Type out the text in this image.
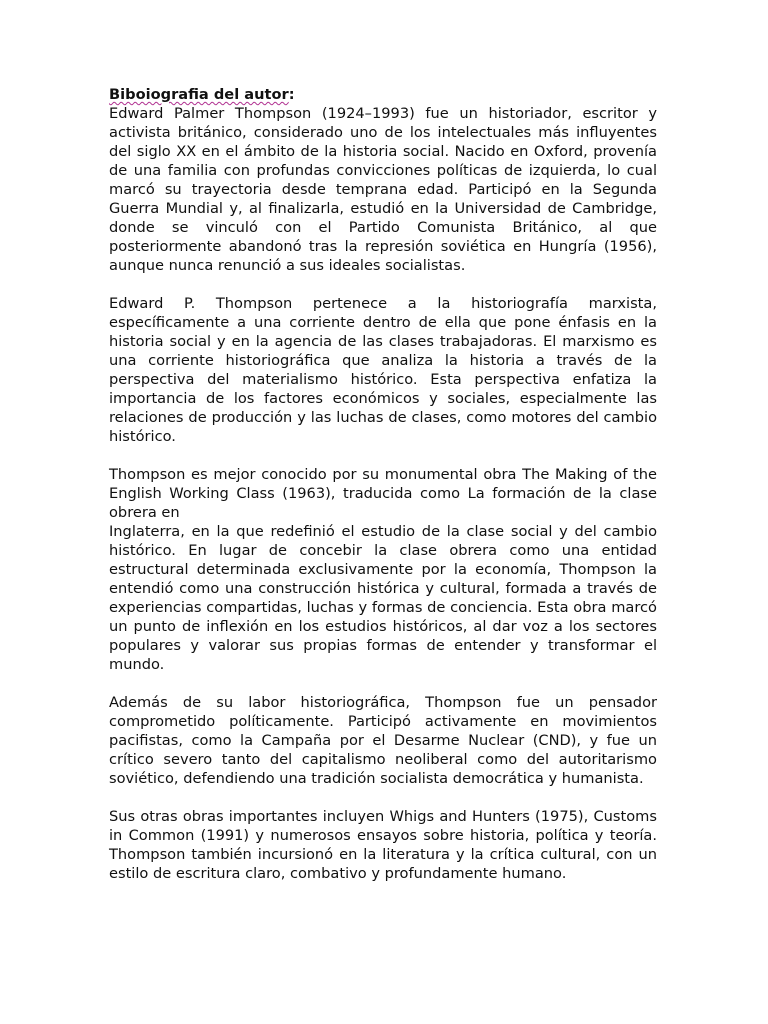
Biboiografia del autor:

Edward Palmer Thompson (1924–1993) fue un historiador, escritor y activista británico, considerado uno de los intelectuales más influyentes del siglo XX en el ámbito de la historia social. Nacido en Oxford, provenía de una familia con profundas convicciones políticas de izquierda, lo cual marcó su trayectoria desde temprana edad. Participó en la Segunda Guerra Mundial y, al finalizarla, estudió en la Universidad de Cambridge, donde se vinculó con el Partido Comunista Británico, al que posteriormente abandonó tras la represión soviética en Hungría (1956), aunque nunca renunció a sus ideales socialistas.

Edward P. Thompson pertenece a la historiografía marxista, específicamente a una corriente dentro de ella que pone énfasis en la historia social y en la agencia de las clases trabajadoras. El marxismo es una corriente historiográfica que analiza la historia a través de la perspectiva del materialismo histórico. Esta perspectiva enfatiza la importancia de los factores económicos y sociales, especialmente las relaciones de producción y las luchas de clases, como motores del cambio histórico.

Thompson es mejor conocido por su monumental obra The Making of the English Working Class (1963), traducida como La formación de la clase obrera en
Inglaterra, en la que redefinió el estudio de la clase social y del cambio histórico. En lugar de concebir la clase obrera como una entidad estructural determinada exclusivamente por la economía, Thompson la entendió como una construcción histórica y cultural, formada a través de experiencias compartidas, luchas y formas de conciencia. Esta obra marcó un punto de inflexión en los estudios históricos, al dar voz a los sectores populares y valorar sus propias formas de entender y transformar el mundo.

Además de su labor historiográfica, Thompson fue un pensador comprometido políticamente. Participó activamente en movimientos pacifistas, como la Campaña por el Desarme Nuclear (CND), y fue un crítico severo tanto del capitalismo neoliberal como del autoritarismo soviético, defendiendo una tradición socialista democrática y humanista.

Sus otras obras importantes incluyen Whigs and Hunters (1975), Customs in Common (1991) y numerosos ensayos sobre historia, política y teoría. Thompson también incursionó en la literatura y la crítica cultural, con un estilo de escritura claro, combativo y profundamente humano.
